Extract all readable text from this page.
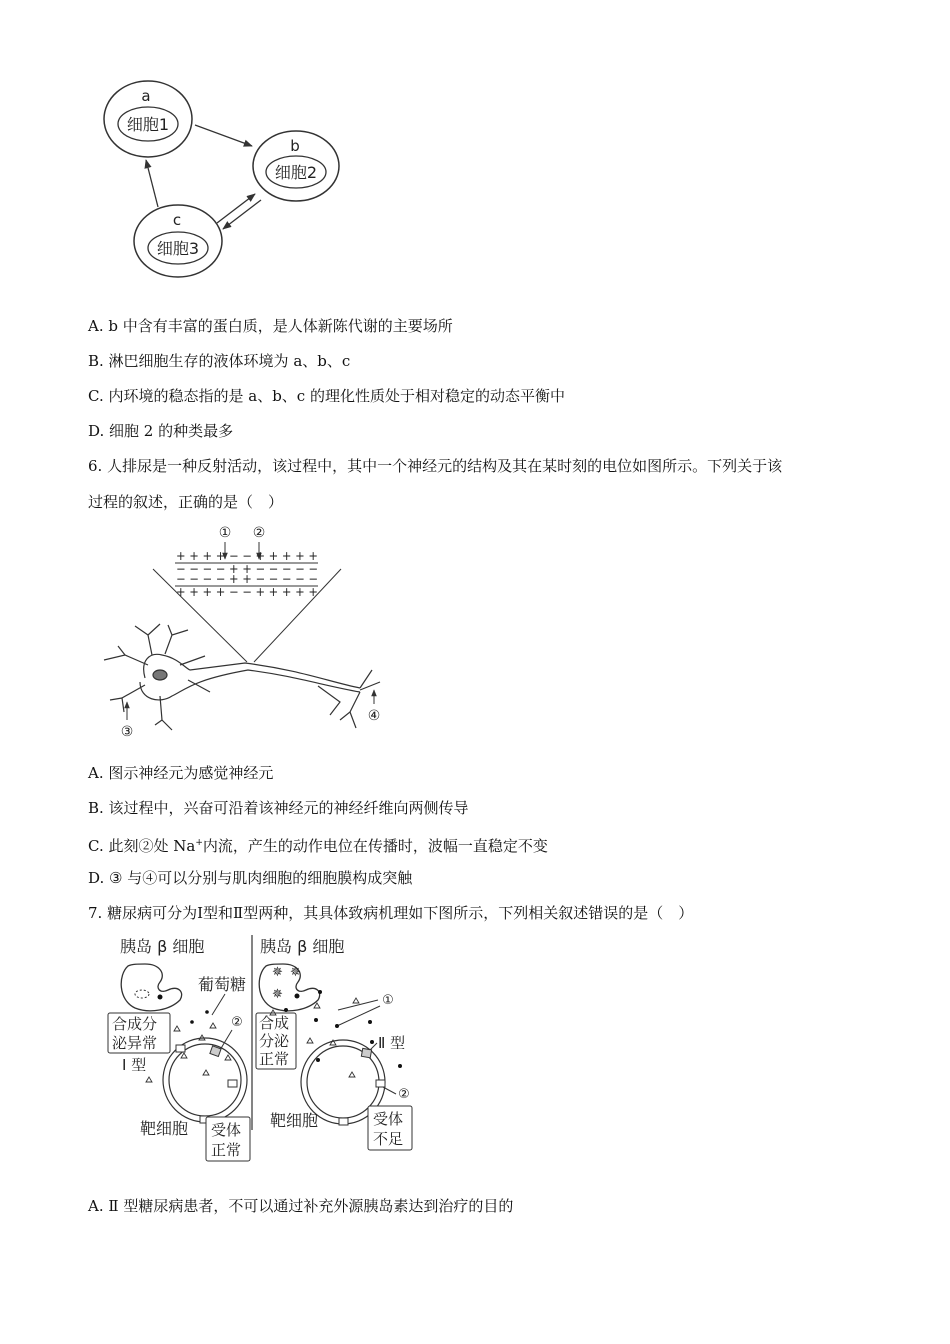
a
细胞1
b
细胞2
c
细胞3
A. b 中含有丰富的蛋白质，是人体新陈代谢的主要场所
B. 淋巴细胞生存的液体环境为 a、b、c
C. 内环境的稳态指的是 a、b、c 的理化性质处于相对稳定的动态平衡中
D. 细胞 2 的种类最多
6. 人排尿是一种反射活动，该过程中，其中一个神经元的结构及其在某时刻的电位如图所示。下列关于该
过程的叙述，正确的是（　）
① ②
+ + + + − − + + + + +
− − − − + + − − − − −
− − − − + + − − − − −
+ + + + − − + + + + +
③
④
A. 图示神经元为感觉神经元
B. 该过程中，兴奋可沿着该神经元的神经纤维向两侧传导
C. 此刻②处 Na+内流，产生的动作电位在传播时，波幅一直稳定不变
D. ③ 与④可以分别与肌肉细胞的细胞膜构成突触
7. 糖尿病可分为Ⅰ型和Ⅱ型两种，其具体致病机理如下图所示，下列相关叙述错误的是（　）
胰岛 β 细胞
葡萄糖
合成分
泌异常
Ⅰ 型
②
靶细胞 受体
正常
胰岛 β 细胞
✵ ✵
✵
合成
分泌
正常
①
Ⅱ 型
②
靶细胞	受体
不足
A. Ⅱ 型糖尿病患者，不可以通过补充外源胰岛素达到治疗的目的
